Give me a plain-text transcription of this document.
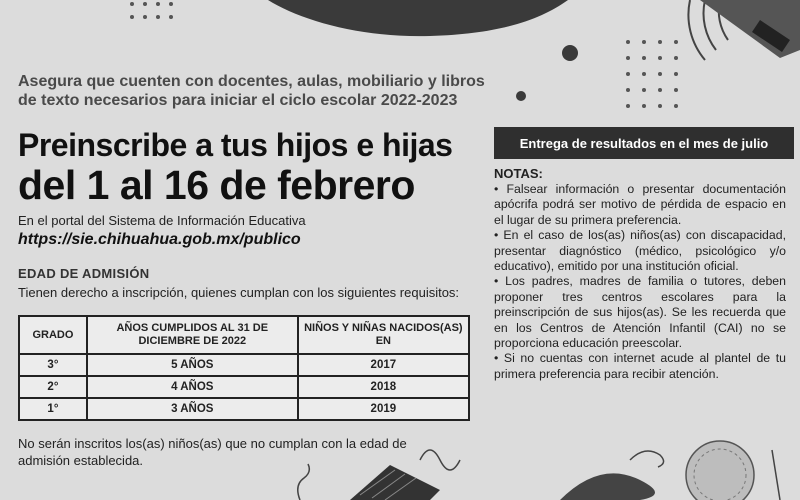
Asegura que cuenten con docentes, aulas, mobiliario y libros de texto necesarios para iniciar el ciclo escolar 2022-2023
Preinscribe a tus hijos e hijas
del 1 al 16 de febrero
En el portal del Sistema de Información Educativa
https://sie.chihuahua.gob.mx/publico
EDAD DE ADMISIÓN
Tienen derecho a inscripción, quienes cumplan con los siguientes requisitos:
GRADO	AÑOS CUMPLIDOS AL 31 DE DICIEMBRE DE 2022	NIÑOS Y NIÑAS NACIDOS(AS) EN
3°	5 AÑOS	2017
2°	4 AÑOS	2018
1°	3 AÑOS	2019
No serán inscritos los(as) niños(as) que no cumplan con la edad de admisión establecida.
Entrega de resultados en el mes de julio
NOTAS:

• Falsear información o presentar documentación apócrifa podrá ser motivo de pérdida de espacio en el lugar de su primera preferencia.

• En el caso de los(as) niños(as) con discapacidad, presentar diagnóstico (médico, psicológico y/o educativo), emitido por una institución oficial.

• Los padres, madres de familia o tutores, deben proponer tres centros escolares para la preinscripción de sus hijos(as). Se les recuerda que en los Centros de Atención Infantil (CAI) no se proporciona educación preescolar.

• Si no cuentas con internet acude al plantel de tu primera preferencia para recibir atención.
